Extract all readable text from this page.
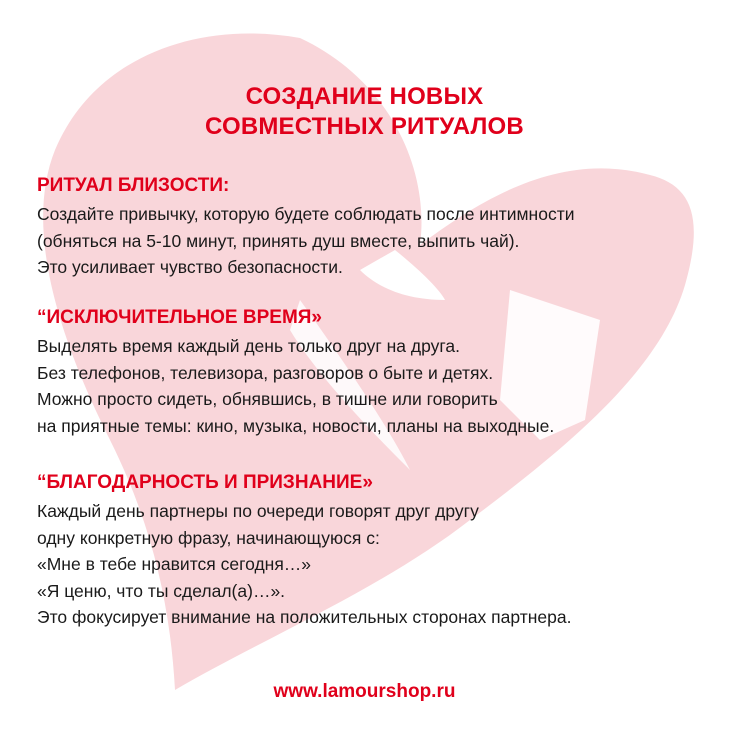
СОЗДАНИЕ НОВЫХ
СОВМЕСТНЫХ РИТУАЛОВ
РИТУАЛ БЛИЗОСТИ:
Создайте привычку, которую будете соблюдать после интимности
(обняться на 5-10 минут, принять душ вместе, выпить чай).
Это усиливает чувство безопасности.
“ИСКЛЮЧИТЕЛЬНОЕ ВРЕМЯ»
Выделять время каждый день только друг на друга.
Без телефонов, телевизора, разговоров о быте и детях.
Можно просто сидеть, обнявшись, в тишне или говорить
на приятные темы: кино, музыка, новости, планы на выходные.
“БЛАГОДАРНОСТЬ И ПРИЗНАНИЕ»
Каждый день партнеры по очереди говорят друг другу
одну конкретную фразу, начинающуюся с:
«Мне в тебе нравится сегодня…»
«Я ценю, что ты сделал(а)…».
Это фокусирует внимание на положительных сторонах партнера.
www.lamourshop.ru
